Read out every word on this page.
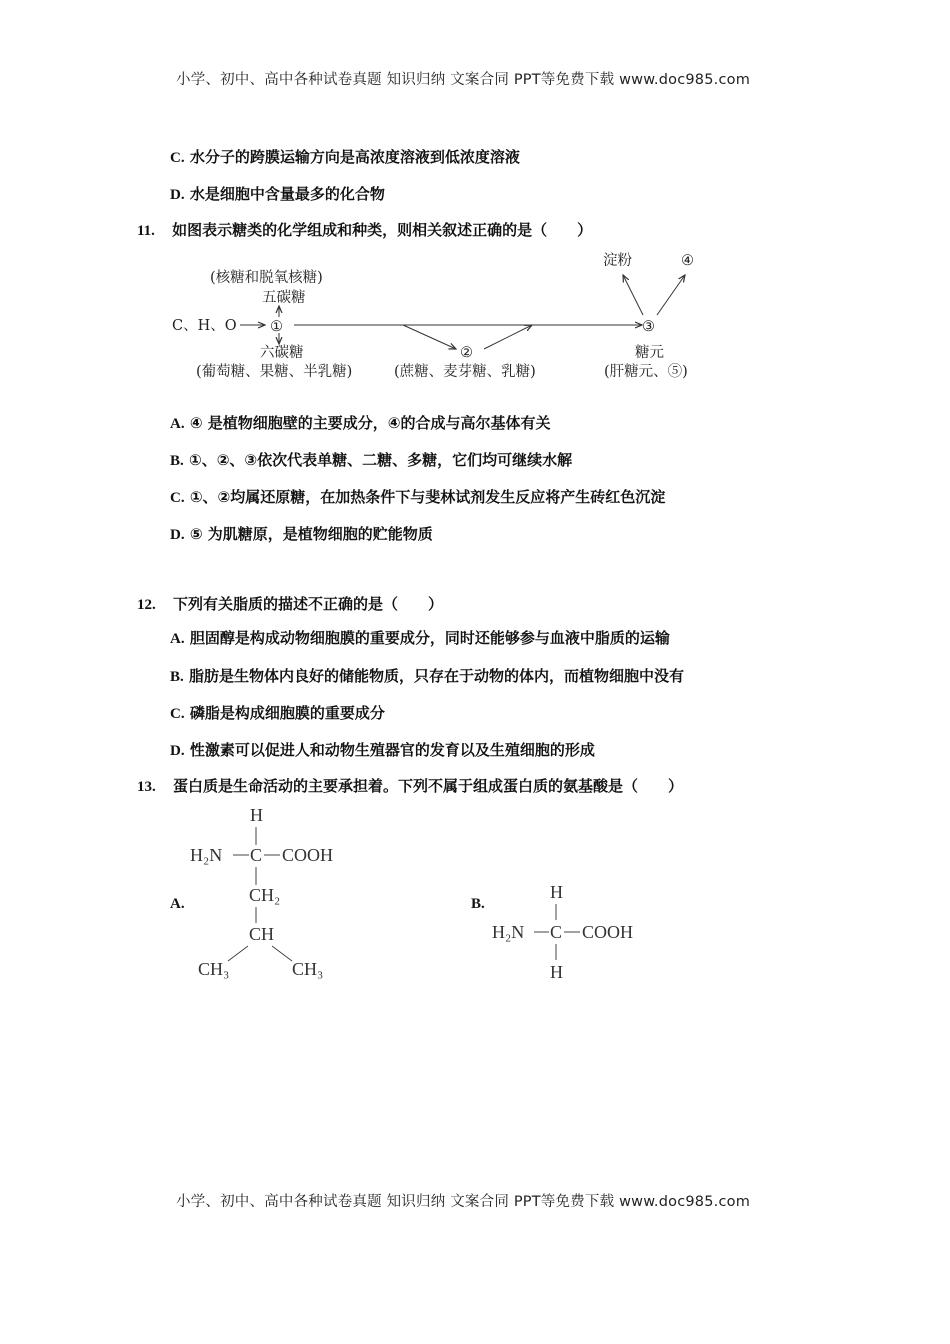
小学、初中、高中各种试卷真题 知识归纳 文案合同 PPT等免费下载 www.doc985.com
C. 水分子的跨膜运输方向是高浓度溶液到低浓度溶液
D. 水是细胞中含量最多的化合物
11. 如图表示糖类的化学组成和种类，则相关叙述正确的是（　　）
(核糖和脱氧核糖)
五碳糖
C、H、O ①
六碳糖
(葡萄糖、果糖、半乳糖)
②
(蔗糖、麦芽糖、乳糖)
淀粉	④
③
糖元
(肝糖元、⑤)
A. ④ 是植物细胞壁的主要成分，④的合成与高尔基体有关
B. ①、②、③依次代表单糖、二糖、多糖，它们均可继续水解
C. ①、②均属还原糖，在加热条件下与斐林试剂发生反应将产生砖红色沉淀
D. ⑤ 为肌糖原，是植物细胞的贮能物质
12. 下列有关脂质的描述不正确的是（　　）
A. 胆固醇是构成动物细胞膜的重要成分，同时还能够参与血液中脂质的运输
B. 脂肪是生物体内良好的储能物质，只存在于动物的体内，而植物细胞中没有
C. 磷脂是构成细胞膜的重要成分
D. 性激素可以促进人和动物生殖器官的发育以及生殖细胞的形成
13. 蛋白质是生命活动的主要承担着。下列不属于组成蛋白质的氨基酸是（　　）
A.
H
H₂N C COOH
CH₂
CH
CH₃	CH₃
B.
H
H₂N C COOH
H
小学、初中、高中各种试卷真题 知识归纳 文案合同 PPT等免费下载 www.doc985.com
